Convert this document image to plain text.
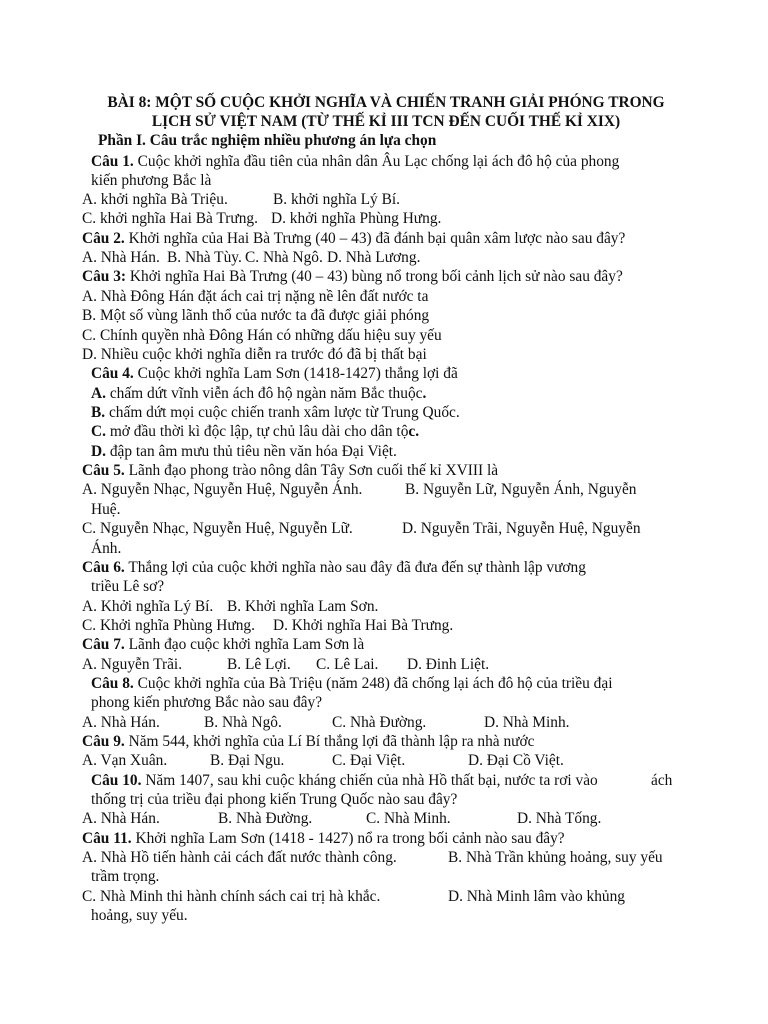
BÀI 8: MỘT SỐ CUỘC KHỞI NGHĨA VÀ CHIẾN TRANH GIẢI PHÓNG TRONG
LỊCH SỬ VIỆT NAM (TỪ THẾ KỈ III TCN ĐẾN CUỐI THẾ KỈ XIX)
Phần I. Câu trắc nghiệm nhiều phương án lựa chọn
Câu 1. Cuộc khởi nghĩa đầu tiên của nhân dân Âu Lạc chống lại ách đô hộ của phong
kiến phương Bắc là
A. khởi nghĩa Bà Triệu.	B. khởi nghĩa Lý Bí.
C. khởi nghĩa Hai Bà Trưng. D. khởi nghĩa Phùng Hưng.
Câu 2. Khởi nghĩa của Hai Bà Trưng (40 – 43) đã đánh bại quân xâm lược nào sau đây?
A. Nhà Hán. B. Nhà Tùy. C. Nhà Ngô. D. Nhà Lương.
Câu 3: Khởi nghĩa Hai Bà Trưng (40 – 43) bùng nổ trong bối cảnh lịch sử nào sau đây?
A. Nhà Đông Hán đặt ách cai trị nặng nề lên đất nước ta
B. Một số vùng lãnh thổ của nước ta đã được giải phóng
C. Chính quyền nhà Đông Hán có những dấu hiệu suy yếu
D. Nhiều cuộc khởi nghĩa diễn ra trước đó đã bị thất bại
Câu 4. Cuộc khởi nghĩa Lam Sơn (1418-1427) thắng lợi đã
A. chấm dứt vĩnh viễn ách đô hộ ngàn năm Bắc thuộc.
B. chấm dứt mọi cuộc chiến tranh xâm lược từ Trung Quốc.
C. mở đầu thời kì độc lập, tự chủ lâu dài cho dân tộc.
D. đập tan âm mưu thủ tiêu nền văn hóa Đại Việt.
Câu 5. Lãnh đạo phong trào nông dân Tây Sơn cuối thế kỉ XVIII là
A. Nguyễn Nhạc, Nguyễn Huệ, Nguyễn Ánh.	B. Nguyễn Lữ, Nguyễn Ánh, Nguyễn
Huệ.
C. Nguyễn Nhạc, Nguyễn Huệ, Nguyễn Lữ.	D. Nguyễn Trãi, Nguyễn Huệ, Nguyễn
Ánh.
Câu 6. Thắng lợi của cuộc khởi nghĩa nào sau đây đã đưa đến sự thành lập vương
triều Lê sơ?
A. Khởi nghĩa Lý Bí. B. Khởi nghĩa Lam Sơn.
C. Khởi nghĩa Phùng Hưng. D. Khởi nghĩa Hai Bà Trưng.
Câu 7. Lãnh đạo cuộc khởi nghĩa Lam Sơn là
A. Nguyễn Trãi.	B. Lê Lợi. C. Lê Lai. D. Đinh Liệt.
Câu 8. Cuộc khởi nghĩa của Bà Triệu (năm 248) đã chống lại ách đô hộ của triều đại
phong kiến phương Bắc nào sau đây?
A. Nhà Hán.	B. Nhà Ngô.	C. Nhà Đường.	D. Nhà Minh.
Câu 9. Năm 544, khởi nghĩa của Lí Bí thắng lợi đã thành lập ra nhà nước
A. Vạn Xuân.	B. Đại Ngu.	C. Đại Việt.	D. Đại Cồ Việt.
Câu 10. Năm 1407, sau khi cuộc kháng chiến của nhà Hồ thất bại, nước ta rơi vào	ách
thống trị của triều đại phong kiến Trung Quốc nào sau đây?
A. Nhà Hán.	B. Nhà Đường.	C. Nhà Minh.	D. Nhà Tống.
Câu 11. Khởi nghĩa Lam Sơn (1418 - 1427) nổ ra trong bối cảnh nào sau đây?
A. Nhà Hồ tiến hành cải cách đất nước thành công.	B. Nhà Trần khủng hoảng, suy yếu
trầm trọng.
C. Nhà Minh thi hành chính sách cai trị hà khắc.	D. Nhà Minh lâm vào khủng
hoảng, suy yếu.
